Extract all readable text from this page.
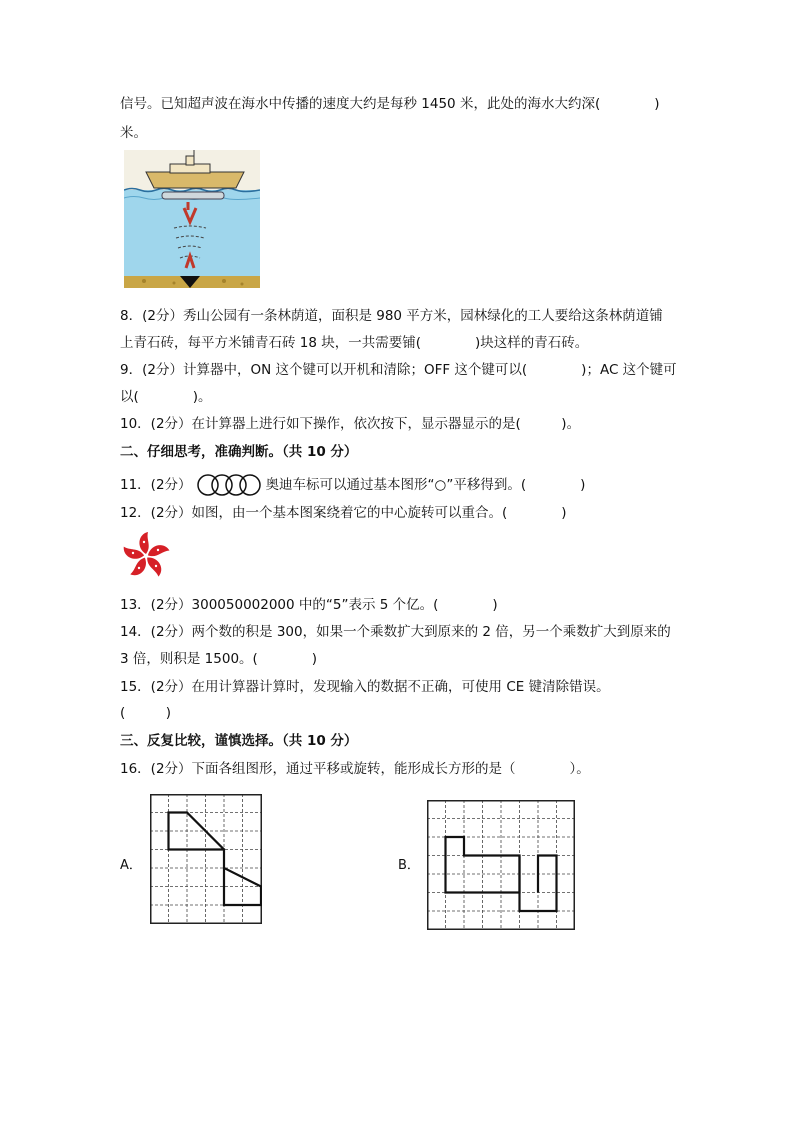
信号。已知超声波在海水中传播的速度大约是每秒 1450 米，此处的海水大约深(　　　　)
米。
8．(2分）秀山公园有一条林荫道，面积是 980 平方米，园林绿化的工人要给这条林荫道铺
上青石砖，每平方米铺青石砖 18 块，一共需要铺(　　　　)块这样的青石砖。
9．(2分）计算器中，ON 这个键可以开机和清除；OFF 这个键可以(　　　　)；AC 这个键可
以(　　　　)。
10．(2分）在计算器上进行如下操作，依次按下，显示器显示的是(　　　)。
二、仔细思考，准确判断。（共 10 分）
11．(2分）	奥迪车标可以通过基本图形“○”平移得到。(　　　　)
12．(2分）如图，由一个基本图案绕着它的中心旋转可以重合。(　　　　)
13．(2分）300050002000 中的“5”表示 5 个亿。(　　　　)
14．(2分）两个数的积是 300，如果一个乘数扩大到原来的 2 倍，另一个乘数扩大到原来的
3 倍，则积是 1500。(　　　　)
15．(2分）在用计算器计算时，发现输入的数据不正确，可使用 CE 键清除错误。
(　　　)
三、反复比较，谨慎选择。（共 10 分）
16．(2分）下面各组图形，通过平移或旋转，能形成长方形的是（　　　　）。
A．	B．
